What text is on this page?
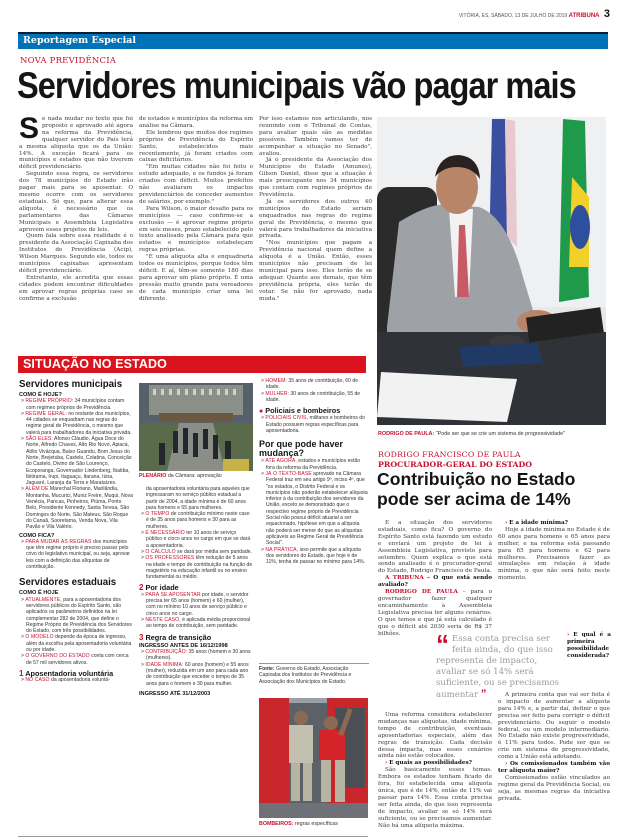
VITÓRIA, ES, SÁBADO, 13 DE JULHO DE 2019 ATRIBUNA 3
Reportagem Especial
NOVA PREVIDÊNCIA
Servidores municipais vão pagar mais
S e nada mudar no texto que foi proposto e aprovado até agora na reforma da Previdência, qualquer servidor do País terá a mesma alíquota que os da União: 14%. A exceção ficará para os municípios e estados que não tiverem déficit previdenciário.

Seguindo essa regra, os servidores dos 78 municípios do Estado irão pagar mais para se aposentar. O mesmo ocorre com os servidores estaduais. Só que, para alterar essa alíquota, é necessário que os parlamentares das Câmaras Municipais e Assembleia Legislativa aprovem esses projetos de leis.

Quem fala sobre essa realidade é o presidente da Associação Capixaba dos Institutos de Previdência (Acip), Wilson Marques. Segundo ele, todos os municípios capixabas apresentam déficit previdenciário.

Entretanto, ele acredita que essas cidades podem encontrar dificuldades em aprovar regras próprias caso se confirme a exclusão

de estados e municípios da reforma em análise na Câmara.

Ele lembrou que muitos dos regimes próprios de Previdência do Espírito Santo, estabelecidos mais recentemente, já foram criados com caixas deficitários.

"Em muitas cidades não foi feito o estudo adequado, e os fundos já foram criados com déficit. Muitos prefeitos não avaliaram os impactos previdenciários de conceder aumentos de salários, por exemplo."

Para Wilson, o maior desafio para os municípios — caso confirme-se a exclusão — é aprovar regime próprio em seis meses, prazo estabelecido pelo texto analisado pela Câmara para que estados e municípios estabeleçam regras próprias.

"É uma alíquota alta e enquadraria todos os municípios, porque todos têm déficit. E aí, têm-se somente 180 dias para aprovar um plano próprio. É uma pressão muito grande para vereadores de cada município criar uma lei diferente.

Por isso estamos nos articulando, nos reunindo com o Tribunal de Contas, para avaliar quais são as medidas possíveis. Também vamos ter de acompanhar a situação no Senado", avaliou.

Já o presidente da Associação dos Municípios do Estado (Amunes), Gilson Daniel, disse que a situação é mais preocupante nos 34 municípios que contam com regimes próprios de Previdência.

Já os servidores dos outros 40 municípios do Estado seriam enquadrados nas regras do regime geral de Previdência, o mesmo que valerá para trabalhadores da iniciativa privada.

"Nos municípios que pagam a Previdência nacional quem define a alíquota é a União. Então, esses municípios não precisam de lei municipal para isso. Eles terão de se adequar. Quanto aos demais, que têm previdência própria, eles terão de votar. Se não for aprovado, nada muda."

RODRIGO DE PAULA: "Pode ser que se crie um sistema de progressividade"
RODRIGO FRANCISCO DE PAULA
PROCURADOR-GERAL DO ESTADO
Contribuição no Estado pode ser acima de 14%

E a situação dos servidores estaduais, como fica? O governo do Espírito Santo está fazendo um estudo e enviará um projeto de lei à Assembleia Legislativa, previsto para setembro. Quem explica o que está sendo analisado é o procurador-geral do Estado, Rodrigo Francisco de Paula.

A TRIBUNA – O que está sendo avaliado?

RODRIGO DE PAULA – para o governador fazer qualquer encaminhamento à Assembleia Legislativa precisa ter alguns cenários. O que temos e que já está calculado é que o déficit até 2030 seria de R$ 37 bilhões.	“ Essa conta precisa ser feita ainda, do que isso representa de impacto, avaliar se só 14% será suficiente, ou se precisamos aumentar ”

Uma reforma considera estabelecer mudanças nas alíquotas, idade mínima, tempo de contribuição, eventuais aposentadorias especiais, além das regras de transição. Cada decisão dessa impacta, mas esses cenários ainda não estão colocados.

› E quais as possibilidades?

São basicamente esses temas. Embora os estados tenham ficado de fora, foi estabelecida uma alíquota única, que é de 14%, então de 11% vai passar para 14%. Essa conta precisa ser feita ainda, do que isso representa de impacto, avaliar se só 14% será suficiente, ou se precisamos aumentar. Não há uma alíquota máxima.

› E a idade mínima?

Hoje a idade mínima no Estado é de 60 anos para homens e 65 anos para mulher, e na reforma está passando para 65 para homens e 62 para mulheres. Precisamos fazer as simulações em relação à idade mínima, o que não será feito neste momento.

› E qual é a primeira possibilidade considerada?

A primeira conta que vai ser feita é o impacto de aumentar a alíquota para 14% e, a partir daí, definir o que precisa ser feito para corrigir o déficit previdenciário. Ou seguir o modelo federal, ou um modelo intermediário. No Estado não existe progressividade, é 11% para todos. Pode ser que se crie um sistema de progressividade, como a União está adotando.

› Os comissionados também vão ter alíquota maior?

Comissionados estão vinculados ao regime geral da Previdência Social, ou seja, as mesmas regras da iniciativa privada.

SITUAÇÃO NO ESTADO
Servidores municipais
COMO É HOJE?
> REGIME PRÓPRIO: 34 municípios contam com regimes próprios de Previdência.
> REGIME GERAL: no restante dos municípios, 44 cidades se enquadram nas regras do regime geral de Previdência, o mesmo que valerá para trabalhadores da iniciativa privada.
> SÃO ELES: Afonso Cláudio, Água Doce do Norte, Alfredo Chaves, Alto Rio Novo, Apiacá, Atílio Vivácqua, Baixo Guandu, Bom Jesus do Norte, Brejetuba, Castelo, Colatina, Conceição do Castelo, Divino de São Lourenço, Ecoporanga, Governador Lindenberg, Ibatiba, Ibitirama, Irupi, Itaguaçu, Itarana, Iúna, Jaguaré, Laranja da Terra e Marataízes.
> ALÉM DE Marechal Floriano, Marilândia, Montanha, Mucurici, Muniz Freire, Muqui, Nova Venécia, Pancas, Pinheiros, Piúma, Ponto Belo, Presidente Kennedy, Santa Teresa, São Domingos do Norte, São Mateus, São Roque do Canaã, Sooretama, Venda Nova, Vila Pavão e Vila Valério.
COMO FICA?
> PARA MUDAR AS REGRAS dos municípios que têm regime próprio é preciso passar pelo crivo do legislativo municipal, ou seja, aprovar leis com a definição das alíquotas de contribuição.
Servidores estaduais
COMO É HOJE
> ATUALMENTE, para a aposentadoria dos servidores públicos do Espírito Santo, são aplicados os parâmetros definidos na lei complementar 282 de 2004, que define o Regime Próprio de Previdência dos Servidores do Estado, com três possibilidades.
> O MODELO depende da época de ingresso, além da escolha pela aposentadoria voluntária ou por idade.
> O GOVERNO DO ESTADO conta com cerca de 57 mil servidores ativos.
1 Aposentadoria voluntária
> NO CASO da aposentadoria voluntá-
PLENÁRIO da Câmara: aprovação
da aposentadoria voluntária para aqueles que ingressaram no serviço público estadual a partir de 2004, a idade mínima é de 60 anos para homens e 55 para mulheres.
> O TEMPO de contribuição mínimo neste caso é de 35 anos para homens e 30 para as mulheres.
> É NECESSÁRIO ter 10 anos de serviço público e cinco anos no cargo em que se dará a aposentadoria.
> O CÁLCULO se dará por média sem paridade.
> OS PROFESSORES têm redução de 5 anos na idade e tempo de contribuição na função de magistério na educação infantil ou no ensino fundamental ou médio.
2 Por idade
> PARA SE APOSENTAR por idade, o servidor precisa ter 65 anos (homem) e 60 (mulher), com no mínimo 10 anos de serviço público e cinco anos no cargo.
> NESTE CASO, é aplicada média proporcional ao tempo de contribuição, sem paridade.
3 Regra de transição
INGRESSO ANTES DE 16/12/1998
> CONTRIBUIÇÃO: 35 anos (homem e 30 anos (mulheres).
> IDADE MÍNIMA: 60 anos (homem) e 55 anos (mulher), reduzida em um ano para cada ano de contribuição que exceder o tempo de 35 anos para o homem e 30 para mulher.
INGRESSO ATÉ 31/12/2003
> HOMEM: 35 anos de contribuição, 60 de idade.
> MULHER: 30 anos de contribuição, 55 de idade.
● Policiais e bombeiros
> POLICIAIS CIVIS, militares e bombeiros do Estado possuem regras específicas para aposentadoria.
Por que pode haver mudança?
> ATÉ AGORA, estados e municípios estão fora da reforma da Previdência.
> JÁ O TEXTO-BASE aprovado na Câmara Federal traz em seu artigo 9º, inciso 4º, que "os estados, o Distrito Federal e os municípios não poderão estabelecer alíquota inferior à da contribuição dos servidores da União, exceto se demonstrado que o respectivo regime próprio de Previdência Social não possui déficit atuarial a ser equacionado, hipótese em que a alíquota não poderá ser menor do que as alíquotas aplicáveis ao Regime Geral de Previdência Social".
> NA PRÁTICA, isso permite que a alíquota dos servidores do Estado, que hoje é de 11%, tenha de passar no mínimo para 14%.
Fonte: Governo do Estado, Associação Capixaba dos Institutos de Previdência e Associação dos Municípios do Estado.
BOMBEIROS: regras específicas
